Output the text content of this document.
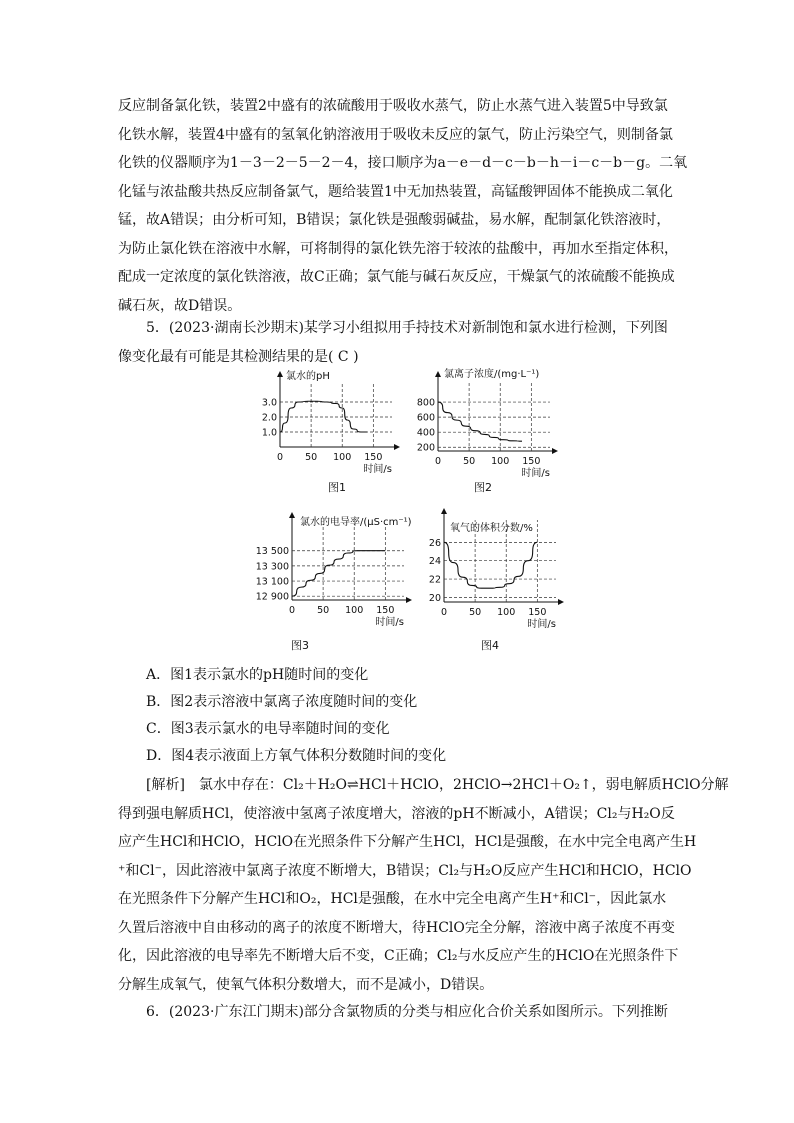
反应制备氯化铁，装置2中盛有的浓硫酸用于吸收水蒸气，防止水蒸气进入装置5中导致氯
化铁水解，装置4中盛有的氢氧化钠溶液用于吸收未反应的氯气，防止污染空气，则制备氯
化铁的仪器顺序为1－3－2－5－2－4，接口顺序为a－e－d－c－b－h－i－c－b－g。二氧
化锰与浓盐酸共热反应制备氯气，题给装置1中无加热装置，高锰酸钾固体不能换成二氧化
锰，故A错误；由分析可知，B错误；氯化铁是强酸弱碱盐，易水解，配制氯化铁溶液时，
为防止氯化铁在溶液中水解，可将制得的氯化铁先溶于较浓的盐酸中，再加水至指定体积，
配成一定浓度的氯化铁溶液，故C正确；氯气能与碱石灰反应，干燥氯气的浓硫酸不能换成
碱石灰，故D错误。
5．(2023·湖南长沙期末)某学习小组拟用手持技术对新制饱和氯水进行检测，下列图
像变化最有可能是其检测结果的是( C )
1.0
2.0
3.0
0 50 100 150
氯水的pH
时间/s
图1
200
400
600
800
0 50 100 150
氯离子浓度/(mg·L⁻¹)
时间/s
图2
12 900
13 100
13 300
13 500
0 50 100 150
氯水的电导率/(μS·cm⁻¹)
时间/s
图3
20
22
24
26
0 50 100 150
氧气的体积分数/%
时间/s
图4

A．图1表示氯水的pH随时间的变化

B．图2表示溶液中氯离子浓度随时间的变化

C．图3表示氯水的电导率随时间的变化

D．图4表示液面上方氧气体积分数随时间的变化

[解析]　氯水中存在：Cl₂＋H₂O⇌HCl＋HClO，2HClO→2HCl＋O₂↑，弱电解质HClO分解
得到强电解质HCl，使溶液中氢离子浓度增大，溶液的pH不断减小，A错误；Cl₂与H₂O反
应产生HCl和HClO，HClO在光照条件下分解产生HCl，HCl是强酸，在水中完全电离产生H
⁺和Cl⁻，因此溶液中氯离子浓度不断增大，B错误；Cl₂与H₂O反应产生HCl和HClO，HClO
在光照条件下分解产生HCl和O₂，HCl是强酸，在水中完全电离产生H⁺和Cl⁻，因此氯水
久置后溶液中自由移动的离子的浓度不断增大，待HClO完全分解，溶液中离子浓度不再变
化，因此溶液的电导率先不断增大后不变，C正确；Cl₂与水反应产生的HClO在光照条件下
分解生成氧气，使氧气体积分数增大，而不是减小，D错误。
6．(2023·广东江门期末)部分含氯物质的分类与相应化合价关系如图所示。下列推断
